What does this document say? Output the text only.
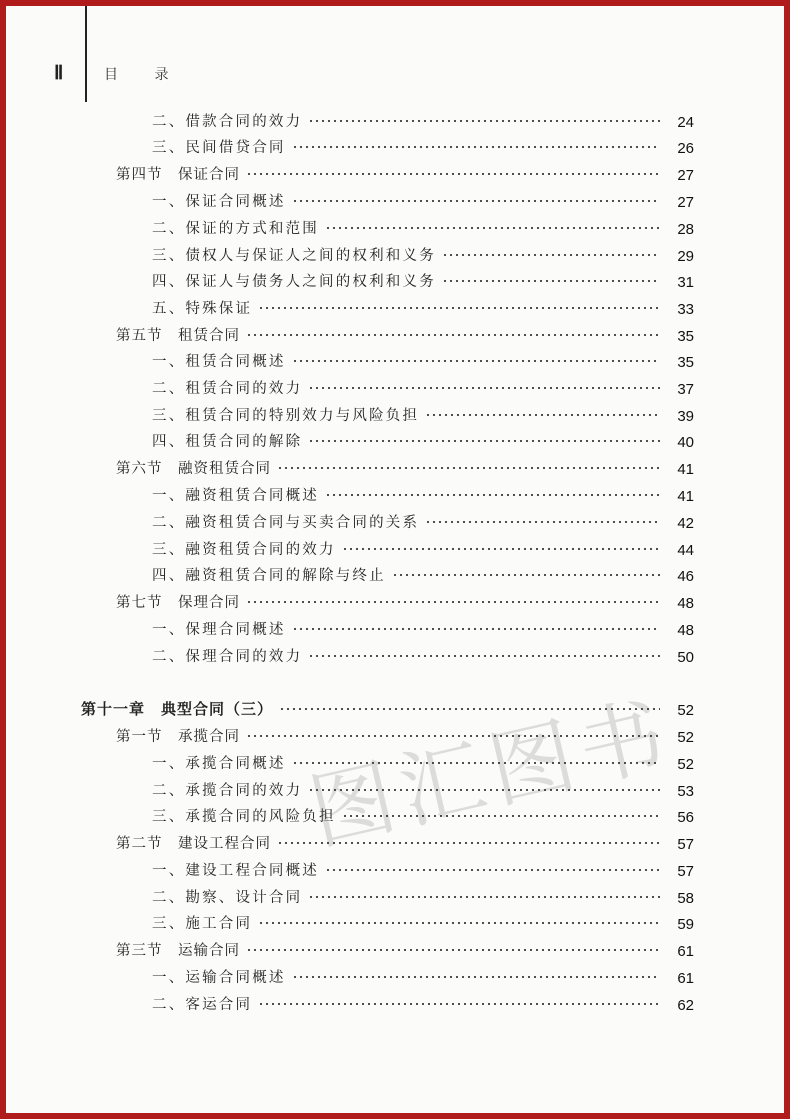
Ⅱ	目 录
二、借款合同的效力	24
三、民间借贷合同	26
第四节　保证合同	27
一、保证合同概述	27
二、保证的方式和范围	28
三、债权人与保证人之间的权利和义务	29
四、保证人与债务人之间的权利和义务	31
五、特殊保证	33
第五节　租赁合同	35
一、租赁合同概述	35
二、租赁合同的效力	37
三、租赁合同的特别效力与风险负担	39
四、租赁合同的解除	40
第六节　融资租赁合同	41
一、融资租赁合同概述	41
二、融资租赁合同与买卖合同的关系	42
三、融资租赁合同的效力	44
四、融资租赁合同的解除与终止	46
第七节　保理合同	48
一、保理合同概述	48
二、保理合同的效力	50
第十一章　典型合同（三）	52
第一节　承揽合同	52
一、承揽合同概述	52
二、承揽合同的效力	53
三、承揽合同的风险负担	56
第二节　建设工程合同	57
一、建设工程合同概述	57
二、勘察、设计合同	58
三、施工合同	59
第三节　运输合同	61
一、运输合同概述	61
二、客运合同	62
图汇图书
